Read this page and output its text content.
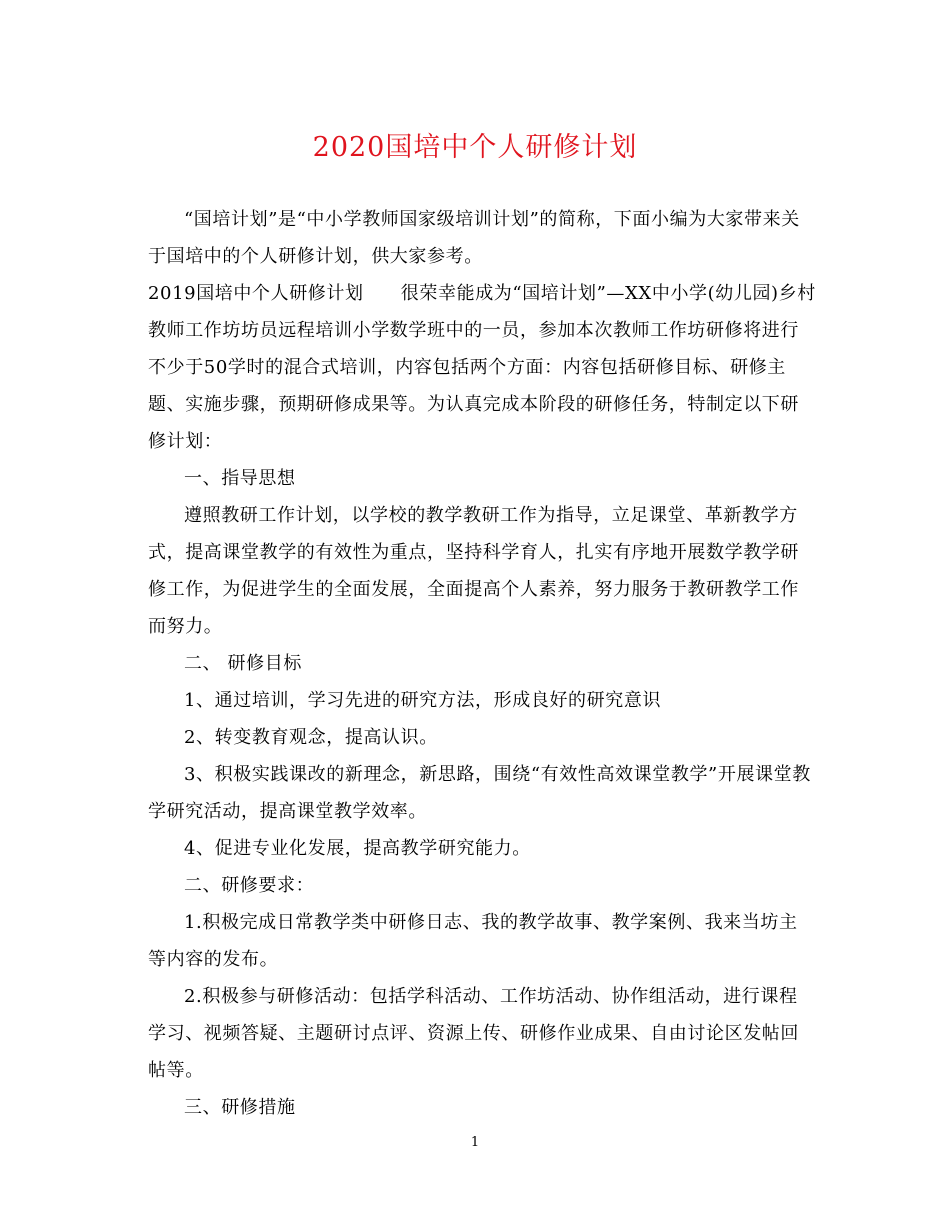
2020国培中个人研修计划
“国培计划”是“中小学教师国家级培训计划”的简称，下面小编为大家带来关
于国培中的个人研修计划，供大家参考。
2019国培中个人研修计划　　很荣幸能成为“国培计划”—XX中小学(幼儿园)乡村
教师工作坊坊员远程培训小学数学班中的一员，参加本次教师工作坊研修将进行
不少于50学时的混合式培训，内容包括两个方面：内容包括研修目标、研修主
题、实施步骤，预期研修成果等。为认真完成本阶段的研修任务，特制定以下研
修计划：
一、指导思想
遵照教研工作计划，以学校的教学教研工作为指导，立足课堂、革新教学方
式，提高课堂教学的有效性为重点，坚持科学育人，扎实有序地开展数学教学研
修工作，为促进学生的全面发展，全面提高个人素养，努力服务于教研教学工作
而努力。
二、 研修目标
1、通过培训，学习先进的研究方法，形成良好的研究意识
2、转变教育观念，提高认识。
3、积极实践课改的新理念，新思路，围绕“有效性高效课堂教学”开展课堂教
学研究活动，提高课堂教学效率。
4、促进专业化发展，提高教学研究能力。
二、研修要求：
1.积极完成日常教学类中研修日志、我的教学故事、教学案例、我来当坊主
等内容的发布。
2.积极参与研修活动：包括学科活动、工作坊活动、协作组活动，进行课程
学习、视频答疑、主题研讨点评、资源上传、研修作业成果、自由讨论区发帖回
帖等。
三、研修措施
1
